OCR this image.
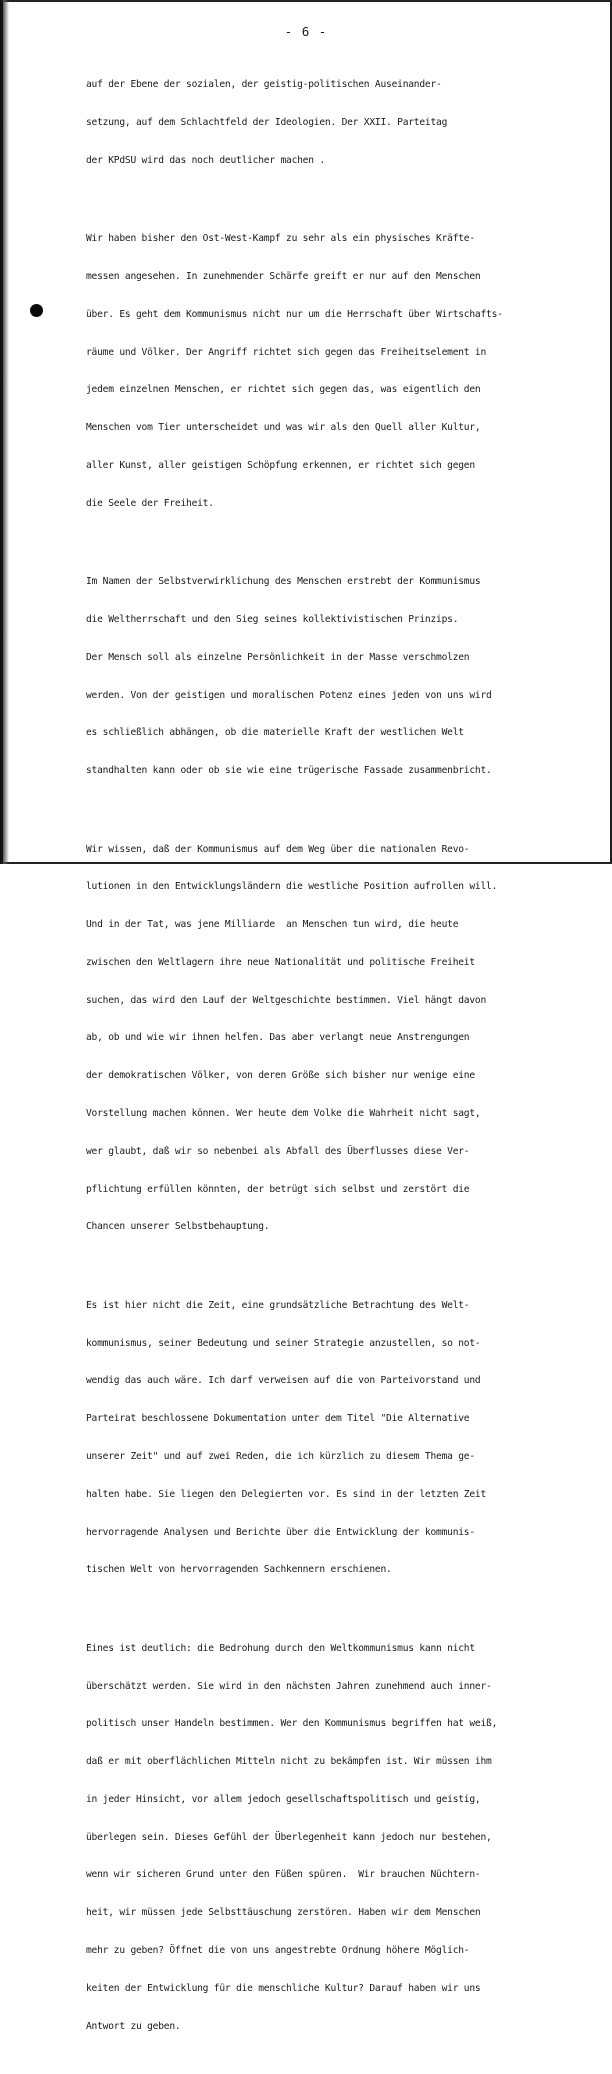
- 6 -

auf der Ebene der sozialen, der geistig-politischen Auseinander-

setzung, auf dem Schlachtfeld der Ideologien. Der XXII. Parteitag

der KPdSU wird das noch deutlicher machen .

Wir haben bisher den Ost-West-Kampf zu sehr als ein physisches Kräfte-

messen angesehen. In zunehmender Schärfe greift er nur auf den Menschen

über. Es geht dem Kommunismus nicht nur um die Herrschaft über Wirtschafts-

räume und Völker. Der Angriff richtet sich gegen das Freiheitselement in

jedem einzelnen Menschen, er richtet sich gegen das, was eigentlich den

Menschen vom Tier unterscheidet und was wir als den Quell aller Kultur,

aller Kunst, aller geistigen Schöpfung erkennen, er richtet sich gegen

die Seele der Freiheit.

Im Namen der Selbstverwirklichung des Menschen erstrebt der Kommunismus

die Weltherrschaft und den Sieg seines kollektivistischen Prinzips.

Der Mensch soll als einzelne Persönlichkeit in der Masse verschmolzen

werden. Von der geistigen und moralischen Potenz eines jeden von uns wird

es schließlich abhängen, ob die materielle Kraft der westlichen Welt

standhalten kann oder ob sie wie eine trügerische Fassade zusammenbricht.

Wir wissen, daß der Kommunismus auf dem Weg über die nationalen Revo-

lutionen in den Entwicklungsländern die westliche Position aufrollen will.

Und in der Tat, was jene Milliarde  an Menschen tun wird, die heute

zwischen den Weltlagern ihre neue Nationalität und politische Freiheit

suchen, das wird den Lauf der Weltgeschichte bestimmen. Viel hängt davon

ab, ob und wie wir ihnen helfen. Das aber verlangt neue Anstrengungen

der demokratischen Völker, von deren Größe sich bisher nur wenige eine

Vorstellung machen können. Wer heute dem Volke die Wahrheit nicht sagt,

wer glaubt, daß wir so nebenbei als Abfall des Überflusses diese Ver-

pflichtung erfüllen könnten, der betrügt sich selbst und zerstört die

Chancen unserer Selbstbehauptung.

Es ist hier nicht die Zeit, eine grundsätzliche Betrachtung des Welt-

kommunismus, seiner Bedeutung und seiner Strategie anzustellen, so not-

wendig das auch wäre. Ich darf verweisen auf die von Parteivorstand und

Parteirat beschlossene Dokumentation unter dem Titel "Die Alternative

unserer Zeit" und auf zwei Reden, die ich kürzlich zu diesem Thema ge-

halten habe. Sie liegen den Delegierten vor. Es sind in der letzten Zeit

hervorragende Analysen und Berichte über die Entwicklung der kommunis-

tischen Welt von hervorragenden Sachkennern erschienen.

Eines ist deutlich: die Bedrohung durch den Weltkommunismus kann nicht

überschätzt werden. Sie wird in den nächsten Jahren zunehmend auch inner-

politisch unser Handeln bestimmen. Wer den Kommunismus begriffen hat weiß,

daß er mit oberflächlichen Mitteln nicht zu bekämpfen ist. Wir müssen ihm

in jeder Hinsicht, vor allem jedoch gesellschaftspolitisch und geistig,

überlegen sein. Dieses Gefühl der Überlegenheit kann jedoch nur bestehen,

wenn wir sicheren Grund unter den Füßen spüren.  Wir brauchen Nüchtern-

heit, wir müssen jede Selbsttäuschung zerstören. Haben wir dem Menschen

mehr zu geben? Öffnet die von uns angestrebte Ordnung höhere Möglich-

keiten der Entwicklung für die menschliche Kultur? Darauf haben wir uns

Antwort zu geben.
